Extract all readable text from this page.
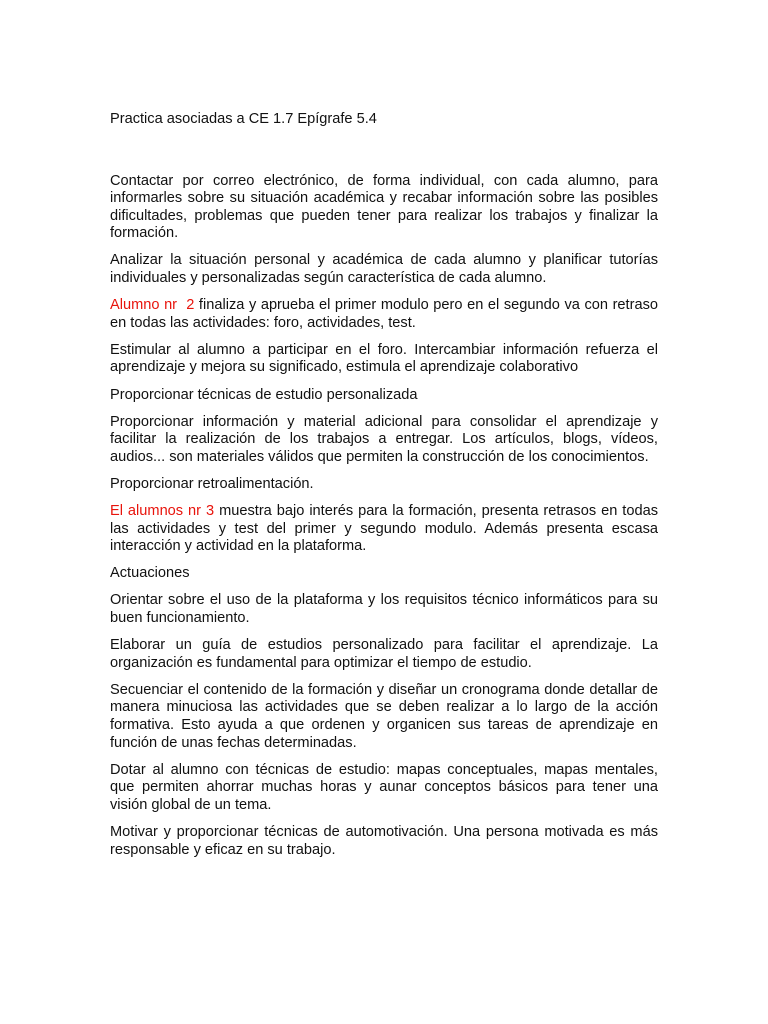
Practica asociadas a CE 1.7 Epígrafe 5.4

Contactar por correo electrónico, de forma individual, con cada alumno, para informarles sobre su situación académica y recabar información sobre las posibles dificultades, problemas que pueden tener para realizar los trabajos y finalizar la formación.

Analizar la situación personal y académica de cada alumno y planificar tutorías individuales y personalizadas según característica de cada alumno.

Alumno nr  2 finaliza y aprueba el primer modulo pero en el segundo va con retraso en todas las actividades: foro, actividades, test.

Estimular al alumno a participar en el foro. Intercambiar información refuerza el aprendizaje y mejora su significado, estimula el aprendizaje colaborativo

Proporcionar técnicas de estudio personalizada

Proporcionar información y material adicional para consolidar el aprendizaje y facilitar la realización de los trabajos a entregar. Los artículos, blogs, vídeos, audios... son materiales válidos que permiten la construcción de los conocimientos.

Proporcionar retroalimentación.

El alumnos nr 3 muestra bajo interés para la formación, presenta retrasos en todas las actividades y test del primer y segundo modulo. Además presenta escasa interacción y actividad en la plataforma.

Actuaciones

Orientar sobre el uso de la plataforma y los requisitos técnico informáticos para su buen funcionamiento.

Elaborar un guía de estudios personalizado para facilitar el aprendizaje. La organización es fundamental para optimizar el tiempo de estudio.

Secuenciar el contenido de la formación y diseñar un cronograma donde detallar de manera minuciosa las actividades que se deben realizar a lo largo de la acción formativa. Esto ayuda a que ordenen y organicen sus tareas de aprendizaje en función de unas fechas determinadas.

Dotar al alumno con técnicas de estudio: mapas conceptuales, mapas mentales, que permiten ahorrar muchas horas y aunar conceptos básicos para tener una visión global de un tema.

Motivar y proporcionar técnicas de automotivación. Una persona motivada es más responsable y eficaz en su trabajo.
